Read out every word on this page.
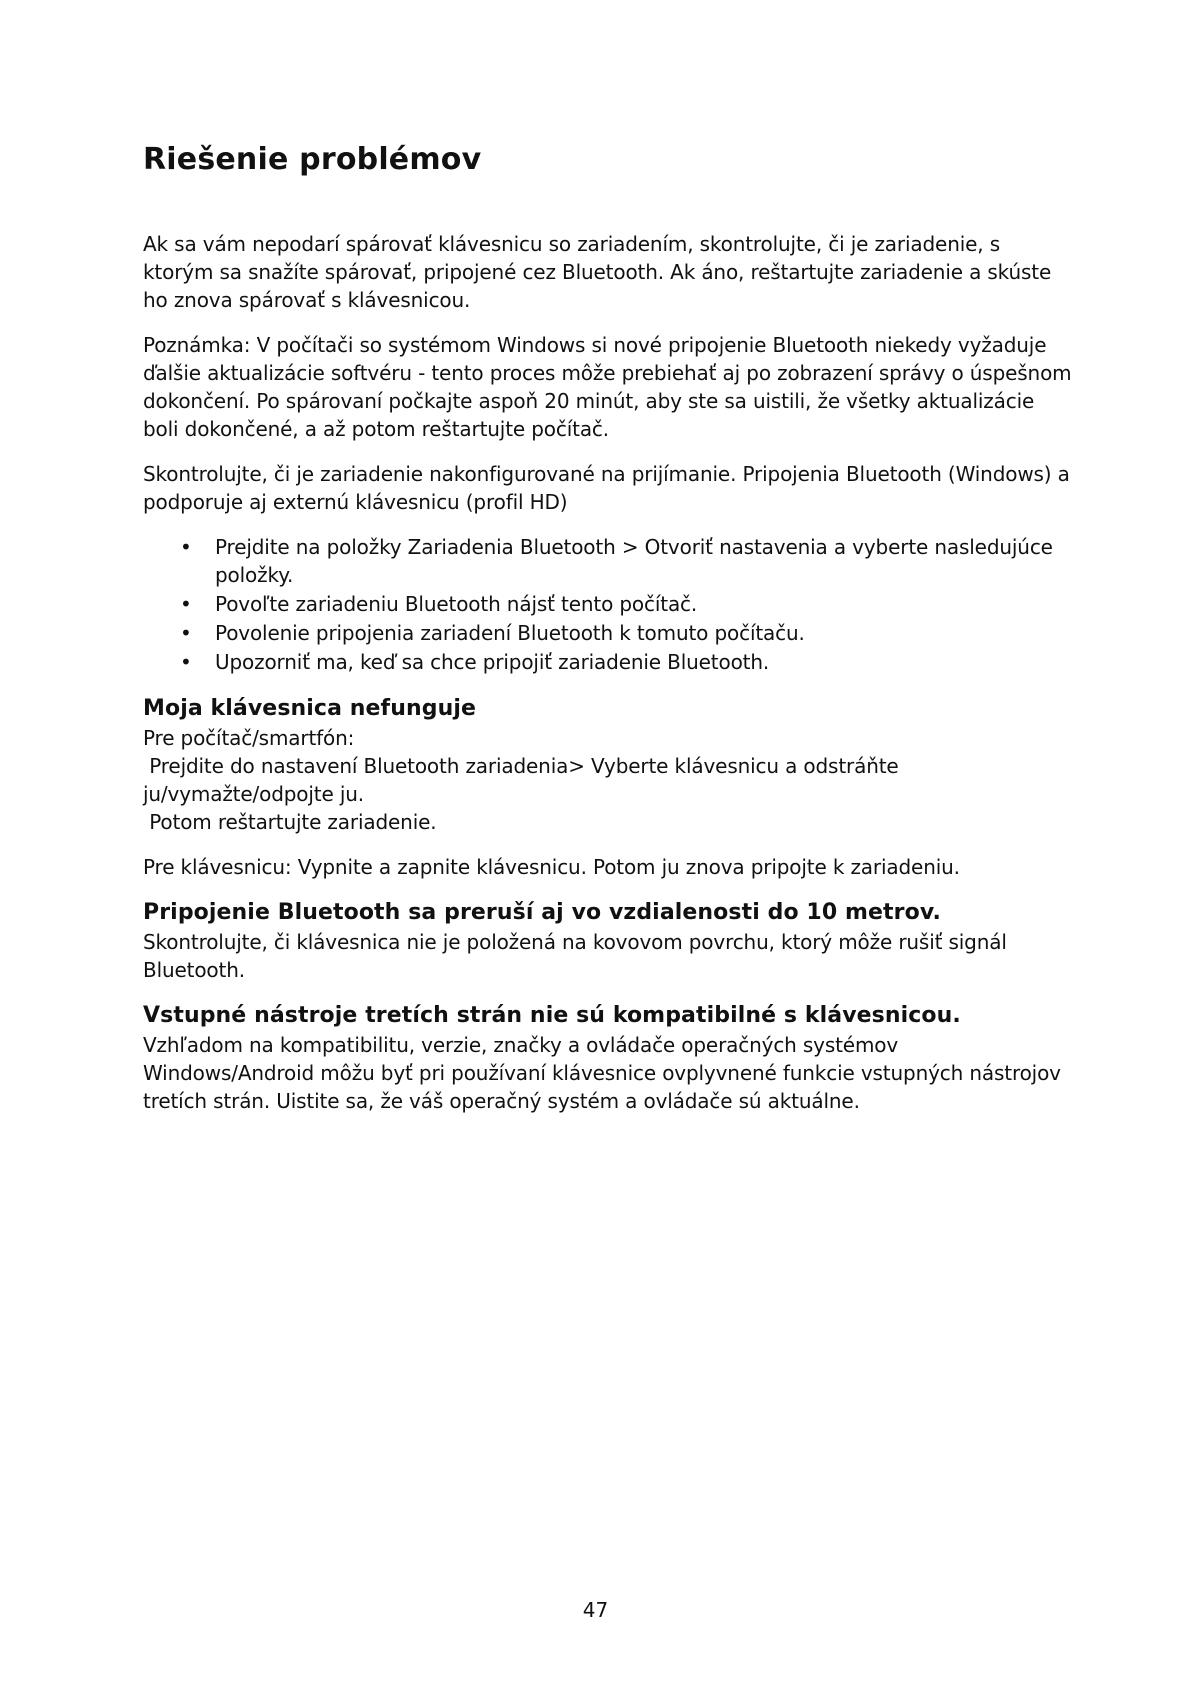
Riešenie problémov

Ak sa vám nepodarí spárovať klávesnicu so zariadením, skontrolujte, či je zariadenie, s ktorým sa snažíte spárovať, pripojené cez Bluetooth. Ak áno, reštartujte zariadenie a skúste ho znova spárovať s klávesnicou.

Poznámka: V počítači so systémom Windows si nové pripojenie Bluetooth niekedy vyžaduje ďalšie aktualizácie softvéru - tento proces môže prebiehať aj po zobrazení správy o úspešnom dokončení. Po spárovaní počkajte aspoň 20 minút, aby ste sa uistili, že všetky aktualizácie boli dokončené, a až potom reštartujte počítač.

Skontrolujte, či je zariadenie nakonfigurované na prijímanie. Pripojenia Bluetooth (Windows) a podporuje aj externú klávesnicu (profil HD)

• Prejdite na položky Zariadenia Bluetooth > Otvoriť nastavenia a vyberte nasledujúce položky.
• Povoľte zariadeniu Bluetooth nájsť tento počítač.
• Povolenie pripojenia zariadení Bluetooth k tomuto počítaču.
• Upozorniť ma, keď sa chce pripojiť zariadenie Bluetooth.
Moja klávesnica nefunguje

Pre počítač/smartfón:

Prejdite do nastavení Bluetooth zariadenia> Vyberte klávesnicu a odstráňte ju/vymažte/odpojte ju.

Potom reštartujte zariadenie.

Pre klávesnicu: Vypnite a zapnite klávesnicu. Potom ju znova pripojte k zariadeniu.

Pripojenie Bluetooth sa preruší aj vo vzdialenosti do 10 metrov.

Skontrolujte, či klávesnica nie je položená na kovovom povrchu, ktorý môže rušiť signál Bluetooth.

Vstupné nástroje tretích strán nie sú kompatibilné s klávesnicou.

Vzhľadom na kompatibilitu, verzie, značky a ovládače operačných systémov Windows/Android môžu byť pri používaní klávesnice ovplyvnené funkcie vstupných nástrojov tretích strán. Uistite sa, že váš operačný systém a ovládače sú aktuálne.

47
